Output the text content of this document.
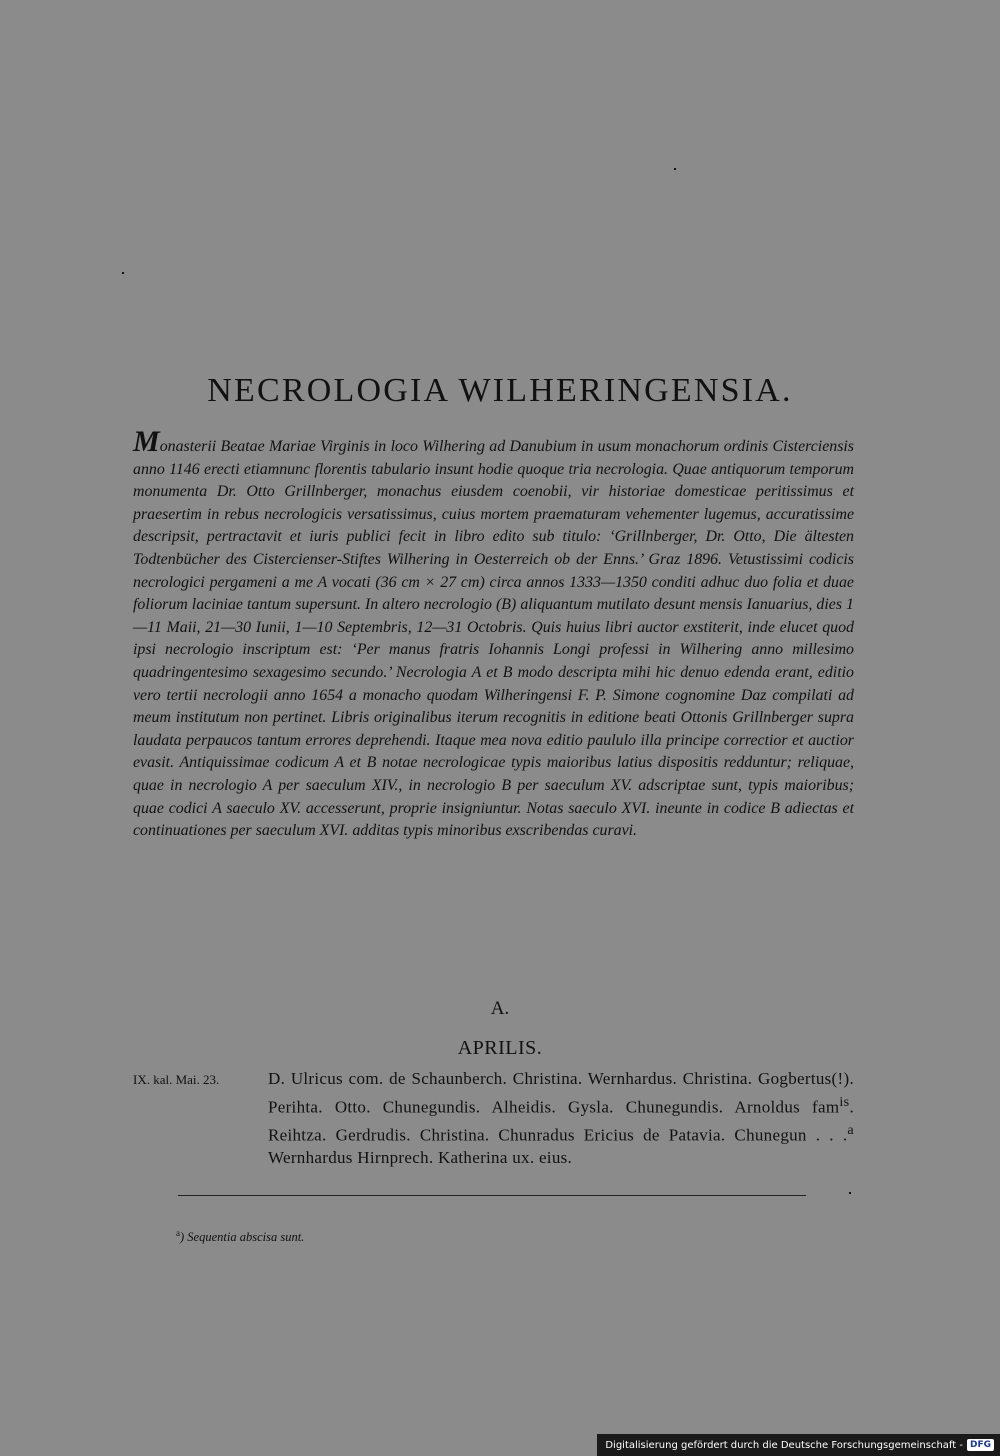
NECROLOGIA WILHERINGENSIA.

Monasterii Beatae Mariae Virginis in loco Wilhering ad Danubium in usum monachorum ordinis Cisterciensis anno 1146 erecti etiamnunc florentis tabulario insunt hodie quoque tria necrologia. Quae antiquorum temporum monumenta Dr. Otto Grillnberger, monachus eiusdem coenobii, vir historiae domesticae peritissimus et praesertim in rebus necrologicis versatissimus, cuius mortem praematuram vehementer lugemus, accuratissime descripsit, pertractavit et iuris publici fecit in libro edito sub titulo: ‘Grillnberger, Dr. Otto, Die ältesten Todtenbücher des Cistercienser-Stiftes Wilhering in Oesterreich ob der Enns.’ Graz 1896. Vetustissimi codicis necrologici pergameni a me A vocati (36 cm × 27 cm) circa annos 1333—1350 conditi adhuc duo folia et duae foliorum laciniae tantum supersunt. In altero necrologio (B) aliquantum mutilato desunt mensis Ianuarius, dies 1—11 Maii, 21—30 Iunii, 1—10 Septembris, 12—31 Octobris. Quis huius libri auctor exstiterit, inde elucet quod ipsi necrologio inscriptum est: ‘Per manus fratris Iohannis Longi professi in Wilhering anno millesimo quadringentesimo sexagesimo secundo.’ Necrologia A et B modo descripta mihi hic denuo edenda erant, editio vero tertii necrologii anno 1654 a monacho quodam Wilheringensi F. P. Simone cognomine Daz compilati ad meum institutum non pertinet. Libris originalibus iterum recognitis in editione beati Ottonis Grillnberger supra laudata perpaucos tantum errores deprehendi. Itaque mea nova editio paululo illa principe correctior et auctior evasit. Antiquissimae codicum A et B notae necrologicae typis maioribus latius dispositis redduntur; reliquae, quae in necrologio A per saeculum XIV., in necrologio B per saeculum XV. adscriptae sunt, typis maioribus; quae codici A saeculo XV. accesserunt, proprie insigniuntur. Notas saeculo XVI. ineunte in codice B adiectas et continuationes per saeculum XVI. additas typis minoribus exscribendas curavi.

A.
APRILIS.
IX. kal. Mai. 23.	D. Ulricus com. de Schaunberch. Christina. Wernhardus. Christina. Gogbertus(!). Perihta. Otto. Chunegundis. Alheidis. Gysla. Chunegundis. Arnoldus fam$^{is}$. Reihtza. Gerdrudis. Christina. Chunradus Ericius de Patavia. Chunegun . . .$^a$ Wernhardus Hirnprech. Katherina ux. eius.

$^a$) Sequentia abscisa sunt.
Digitalisierung gefördert durch die Deutsche Forschungsgemeinschaft - DFG
